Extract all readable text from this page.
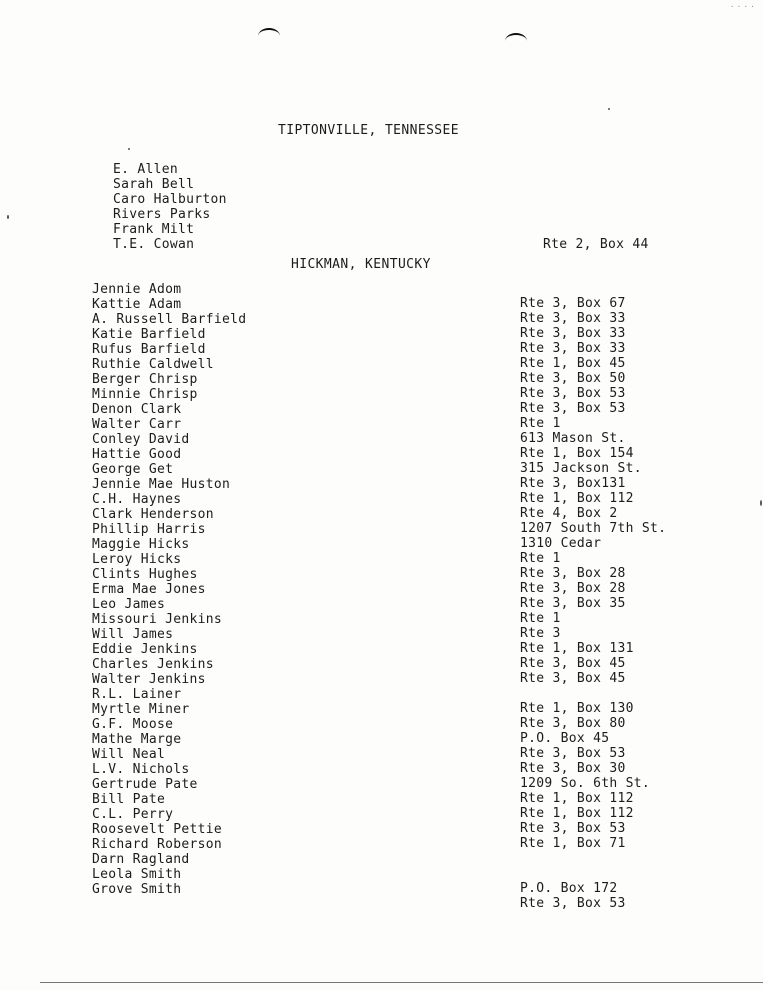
....
TIPTONVILLE, TENNESSEE
E. Allen
Sarah Bell
Caro Halburton
Rivers Parks
Frank Milt
T.E. Cowan	Rte 2, Box 44
HICKMAN, KENTUCKY
Jennie Adom
Kattie Adam
A. Russell Barfield
Katie Barfield
Rufus Barfield
Ruthie Caldwell
Berger Chrisp
Minnie Chrisp
Denon Clark
Walter Carr
Conley David
Hattie Good
George Get
Jennie Mae Huston
C.H. Haynes
Clark Henderson
Phillip Harris
Maggie Hicks
Leroy Hicks
Clints Hughes
Erma Mae Jones
Leo James
Missouri Jenkins
Will James
Eddie Jenkins
Charles Jenkins
Walter Jenkins
R.L. Lainer
Myrtle Miner
G.F. Moose
Mathe Marge
Will Neal
L.V. Nichols
Gertrude Pate
Bill Pate
C.L. Perry
Roosevelt Pettie
Richard Roberson
Darn Ragland
Leola Smith
Grove Smith
Rte 3, Box 67
Rte 3, Box 33
Rte 3, Box 33
Rte 3, Box 33
Rte 1, Box 45
Rte 3, Box 50
Rte 3, Box 53
Rte 3, Box 53
Rte 1
613 Mason St.
Rte 1, Box 154
315 Jackson St.
Rte 3, Box131
Rte 1, Box 112
Rte 4, Box 2
1207 South 7th St.
1310 Cedar
Rte 1
Rte 3, Box 28
Rte 3, Box 28
Rte 3, Box 35
Rte 1
Rte 3
Rte 1, Box 131
Rte 3, Box 45
Rte 3, Box 45
Rte 1, Box 130
Rte 3, Box 80
P.O. Box 45
Rte 3, Box 53
Rte 3, Box 30
1209 So. 6th St.
Rte 1, Box 112
Rte 1, Box 112
Rte 3, Box 53
Rte 1, Box 71
P.O. Box 172
Rte 3, Box 53
